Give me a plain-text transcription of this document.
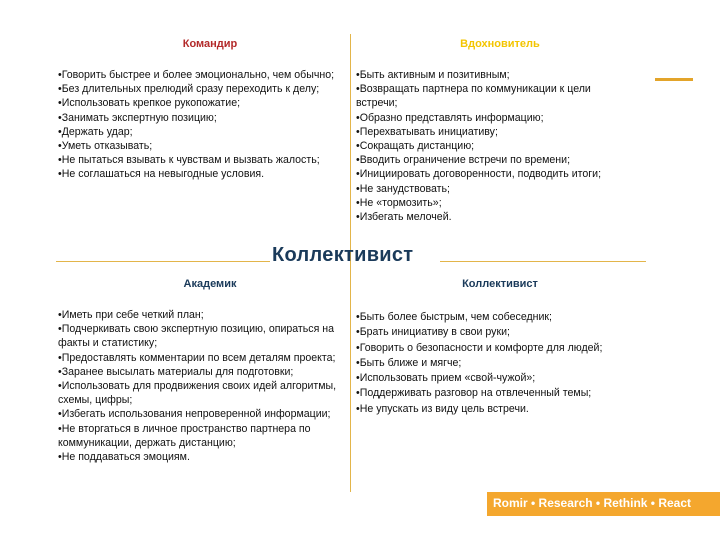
Командир

•Говорить быстрее и более эмоционально, чем обычно;

•Без длительных прелюдий сразу переходить к делу;

•Использовать крепкое рукопожатие;

•Занимать экспертную позицию;

•Держать удар;

•Уметь отказывать;

•Не пытаться взывать к чувствам и вызвать жалость;

•Не соглашаться на невыгодные условия.

Вдохновитель

•Быть активным и позитивным;

•Возвращать партнера по коммуникации к цели встречи;

•Образно представлять информацию;

•Перехватывать инициативу;

•Сокращать дистанцию;

•Вводить ограничение встречи по времени;

•Инициировать договоренности, подводить итоги;

•Не занудствовать;

•Не «тормозить»;

•Избегать мелочей.

Коллективист
Академик

•Иметь при себе четкий план;

•Подчеркивать свою экспертную позицию, опираться на факты и статистику;

•Предоставлять комментарии по всем деталям проекта;

•Заранее высылать материалы для подготовки;

•Использовать для продвижения своих идей алгоритмы, схемы, цифры;

•Избегать использования непроверенной информации;

•Не вторгаться в личное пространство партнера по коммуникации, держать дистанцию;

•Не поддаваться эмоциям.

Коллективист

•Быть более быстрым, чем собеседник;

•Брать инициативу в свои руки;

•Говорить о безопасности и комфорте для людей;

•Быть ближе и мягче;

•Использовать прием «свой-чужой»;

•Поддерживать разговор на отвлеченный темы;

•Не упускать из виду цель встречи.

Romir • Research • Rethink • React
